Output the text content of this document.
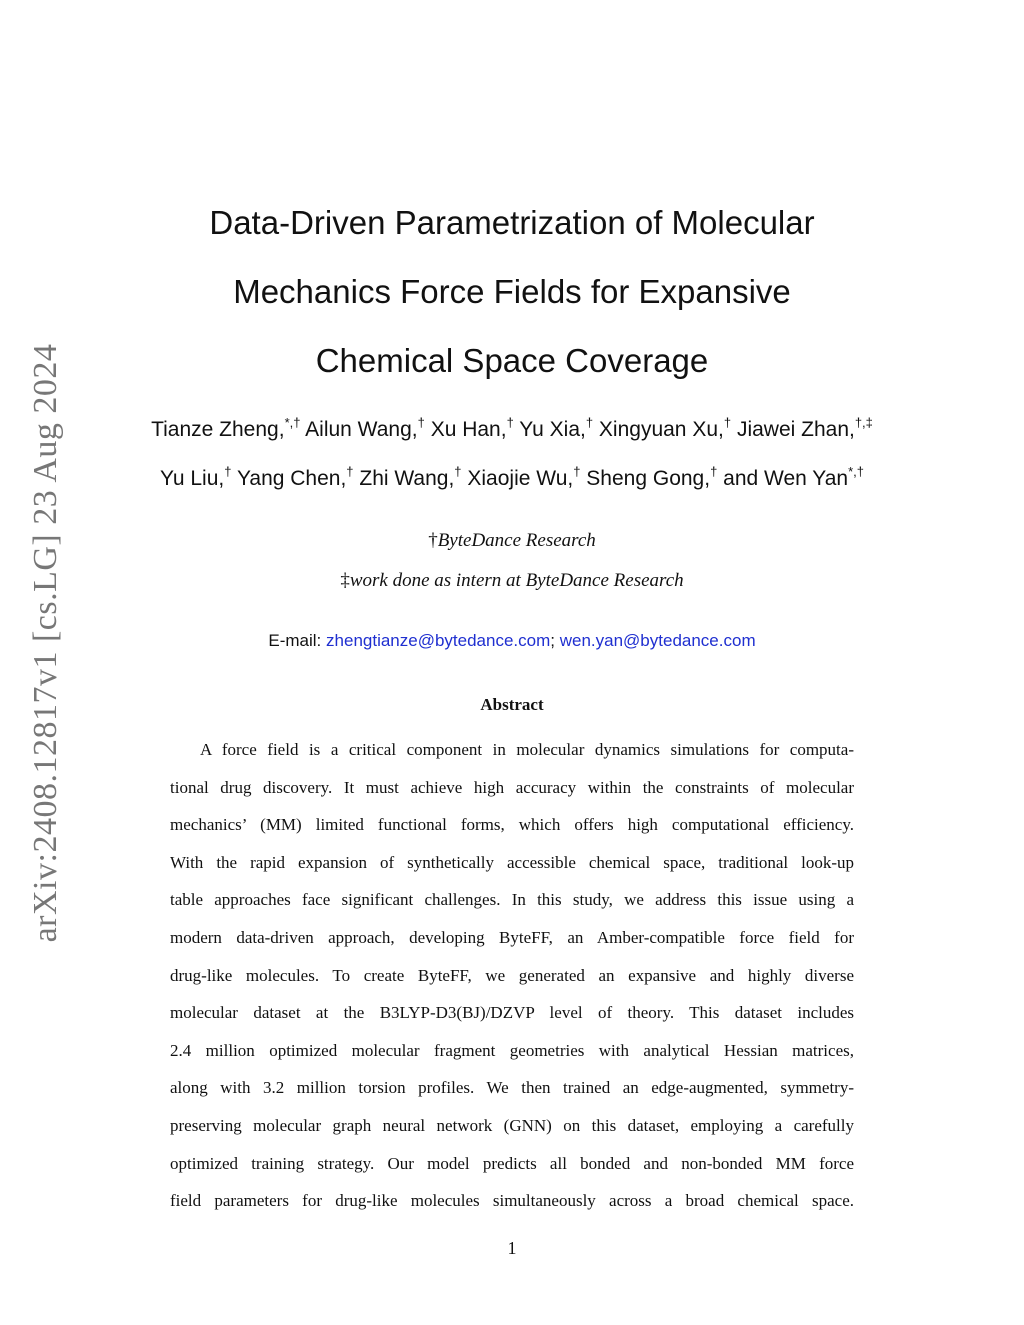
arXiv:2408.12817v1 [cs.LG] 23 Aug 2024
Data-Driven Parametrization of Molecular
Mechanics Force Fields for Expansive
Chemical Space Coverage
Tianze Zheng,*,† Ailun Wang,† Xu Han,† Yu Xia,† Xingyuan Xu,† Jiawei Zhan,†,‡
Yu Liu,† Yang Chen,† Zhi Wang,† Xiaojie Wu,† Sheng Gong,† and Wen Yan*,†
†ByteDance Research
‡work done as intern at ByteDance Research
E-mail: zhengtianze@bytedance.com; wen.yan@bytedance.com
Abstract
A force field is a critical component in molecular dynamics simulations for computa-
tional drug discovery. It must achieve high accuracy within the constraints of molecular
mechanics’ (MM) limited functional forms, which offers high computational efficiency.
With the rapid expansion of synthetically accessible chemical space, traditional look-up
table approaches face significant challenges. In this study, we address this issue using a
modern data-driven approach, developing ByteFF, an Amber-compatible force field for
drug-like molecules. To create ByteFF, we generated an expansive and highly diverse
molecular dataset at the B3LYP-D3(BJ)/DZVP level of theory. This dataset includes
2.4 million optimized molecular fragment geometries with analytical Hessian matrices,
along with 3.2 million torsion profiles. We then trained an edge-augmented, symmetry-
preserving molecular graph neural network (GNN) on this dataset, employing a carefully
optimized training strategy. Our model predicts all bonded and non-bonded MM force
field parameters for drug-like molecules simultaneously across a broad chemical space.
1
